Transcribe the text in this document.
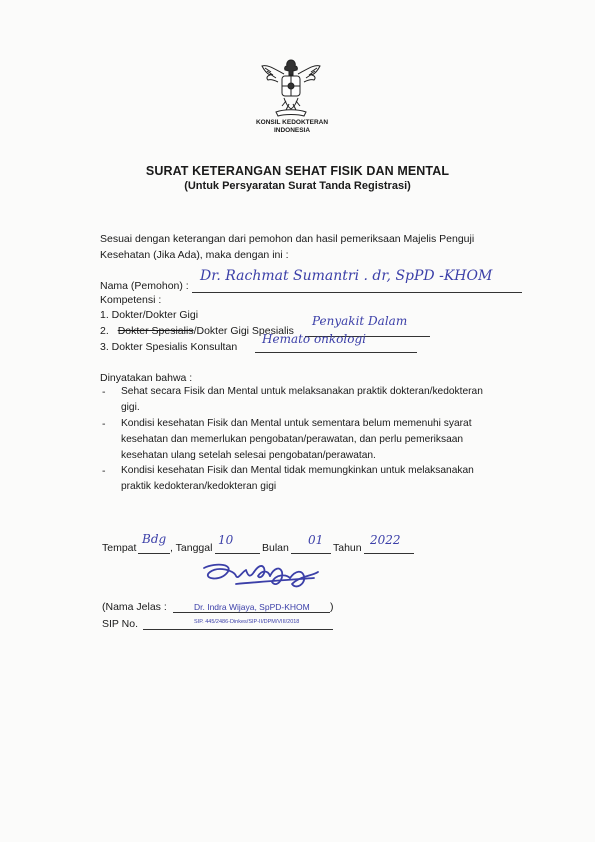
KONSIL KEDOKTERAN
INDONESIA
SURAT KETERANGAN SEHAT FISIK DAN MENTAL
(Untuk Persyaratan Surat Tanda Registrasi)
Sesuai dengan keterangan dari pemohon dan hasil pemeriksaan Majelis Penguji
Kesehatan (Jika Ada), maka dengan ini :
Nama (Pemohon) :
Dr. Rachmat Sumantri . dr, SpPD -KHOM
Kompetensi :
1. Dokter/Dokter Gigi
2. Dokter Spesialis/Dokter Gigi Spesialis
Penyakit Dalam
3. Dokter Spesialis Konsultan
Hemato onkologi
Dinyatakan bahwa :
- Sehat secara Fisik dan Mental untuk melaksanakan praktik dokteran/kedokteran
gigi.
- Kondisi kesehatan Fisik dan Mental untuk sementara belum memenuhi syarat
kesehatan dan memerlukan pengobatan/perawatan, dan perlu pemeriksaan
kesehatan ulang setelah selesai pengobatan/perawatan.
- Kondisi kesehatan Fisik dan Mental tidak memungkinkan untuk melaksanakan
praktik kedokteran/kedokteran gigi
Tempat
Bdg
, Tanggal
10
Bulan
01
Tahun
2022
(Nama Jelas :	Dr. Indra Wijaya, SpPD-KHOM )
SIP No.	SIP. 445/2486-Dinkes/SIP-II/DPM/VIII/2018
